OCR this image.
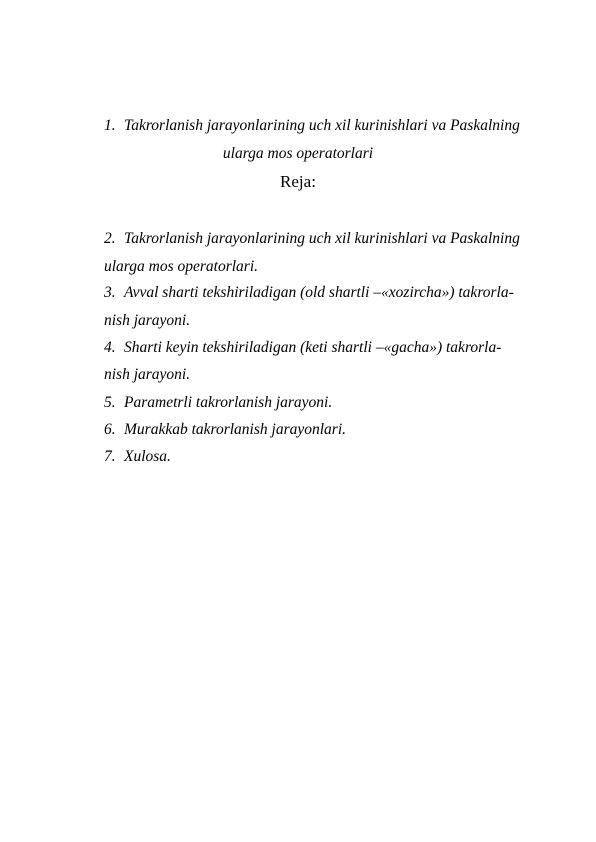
1. Takrorlanish jarayonlarining uch xil kurinishlari va Paskalning
ularga mos operatorlari
Reja:
2. Takrorlanish jarayonlarining uch xil kurinishlari va Paskalning
ularga mos operatorlari.
3. Avval sharti tekshiriladigan (old shartli –«xozircha») takrorla-
nish jarayoni.
4. Sharti keyin tekshiriladigan (keti shartli –«gacha») takrorla-
nish jarayoni.
5. Parametrli takrorlanish jarayoni.
6. Murakkab takrorlanish jarayonlari.
7. Xulosa.
